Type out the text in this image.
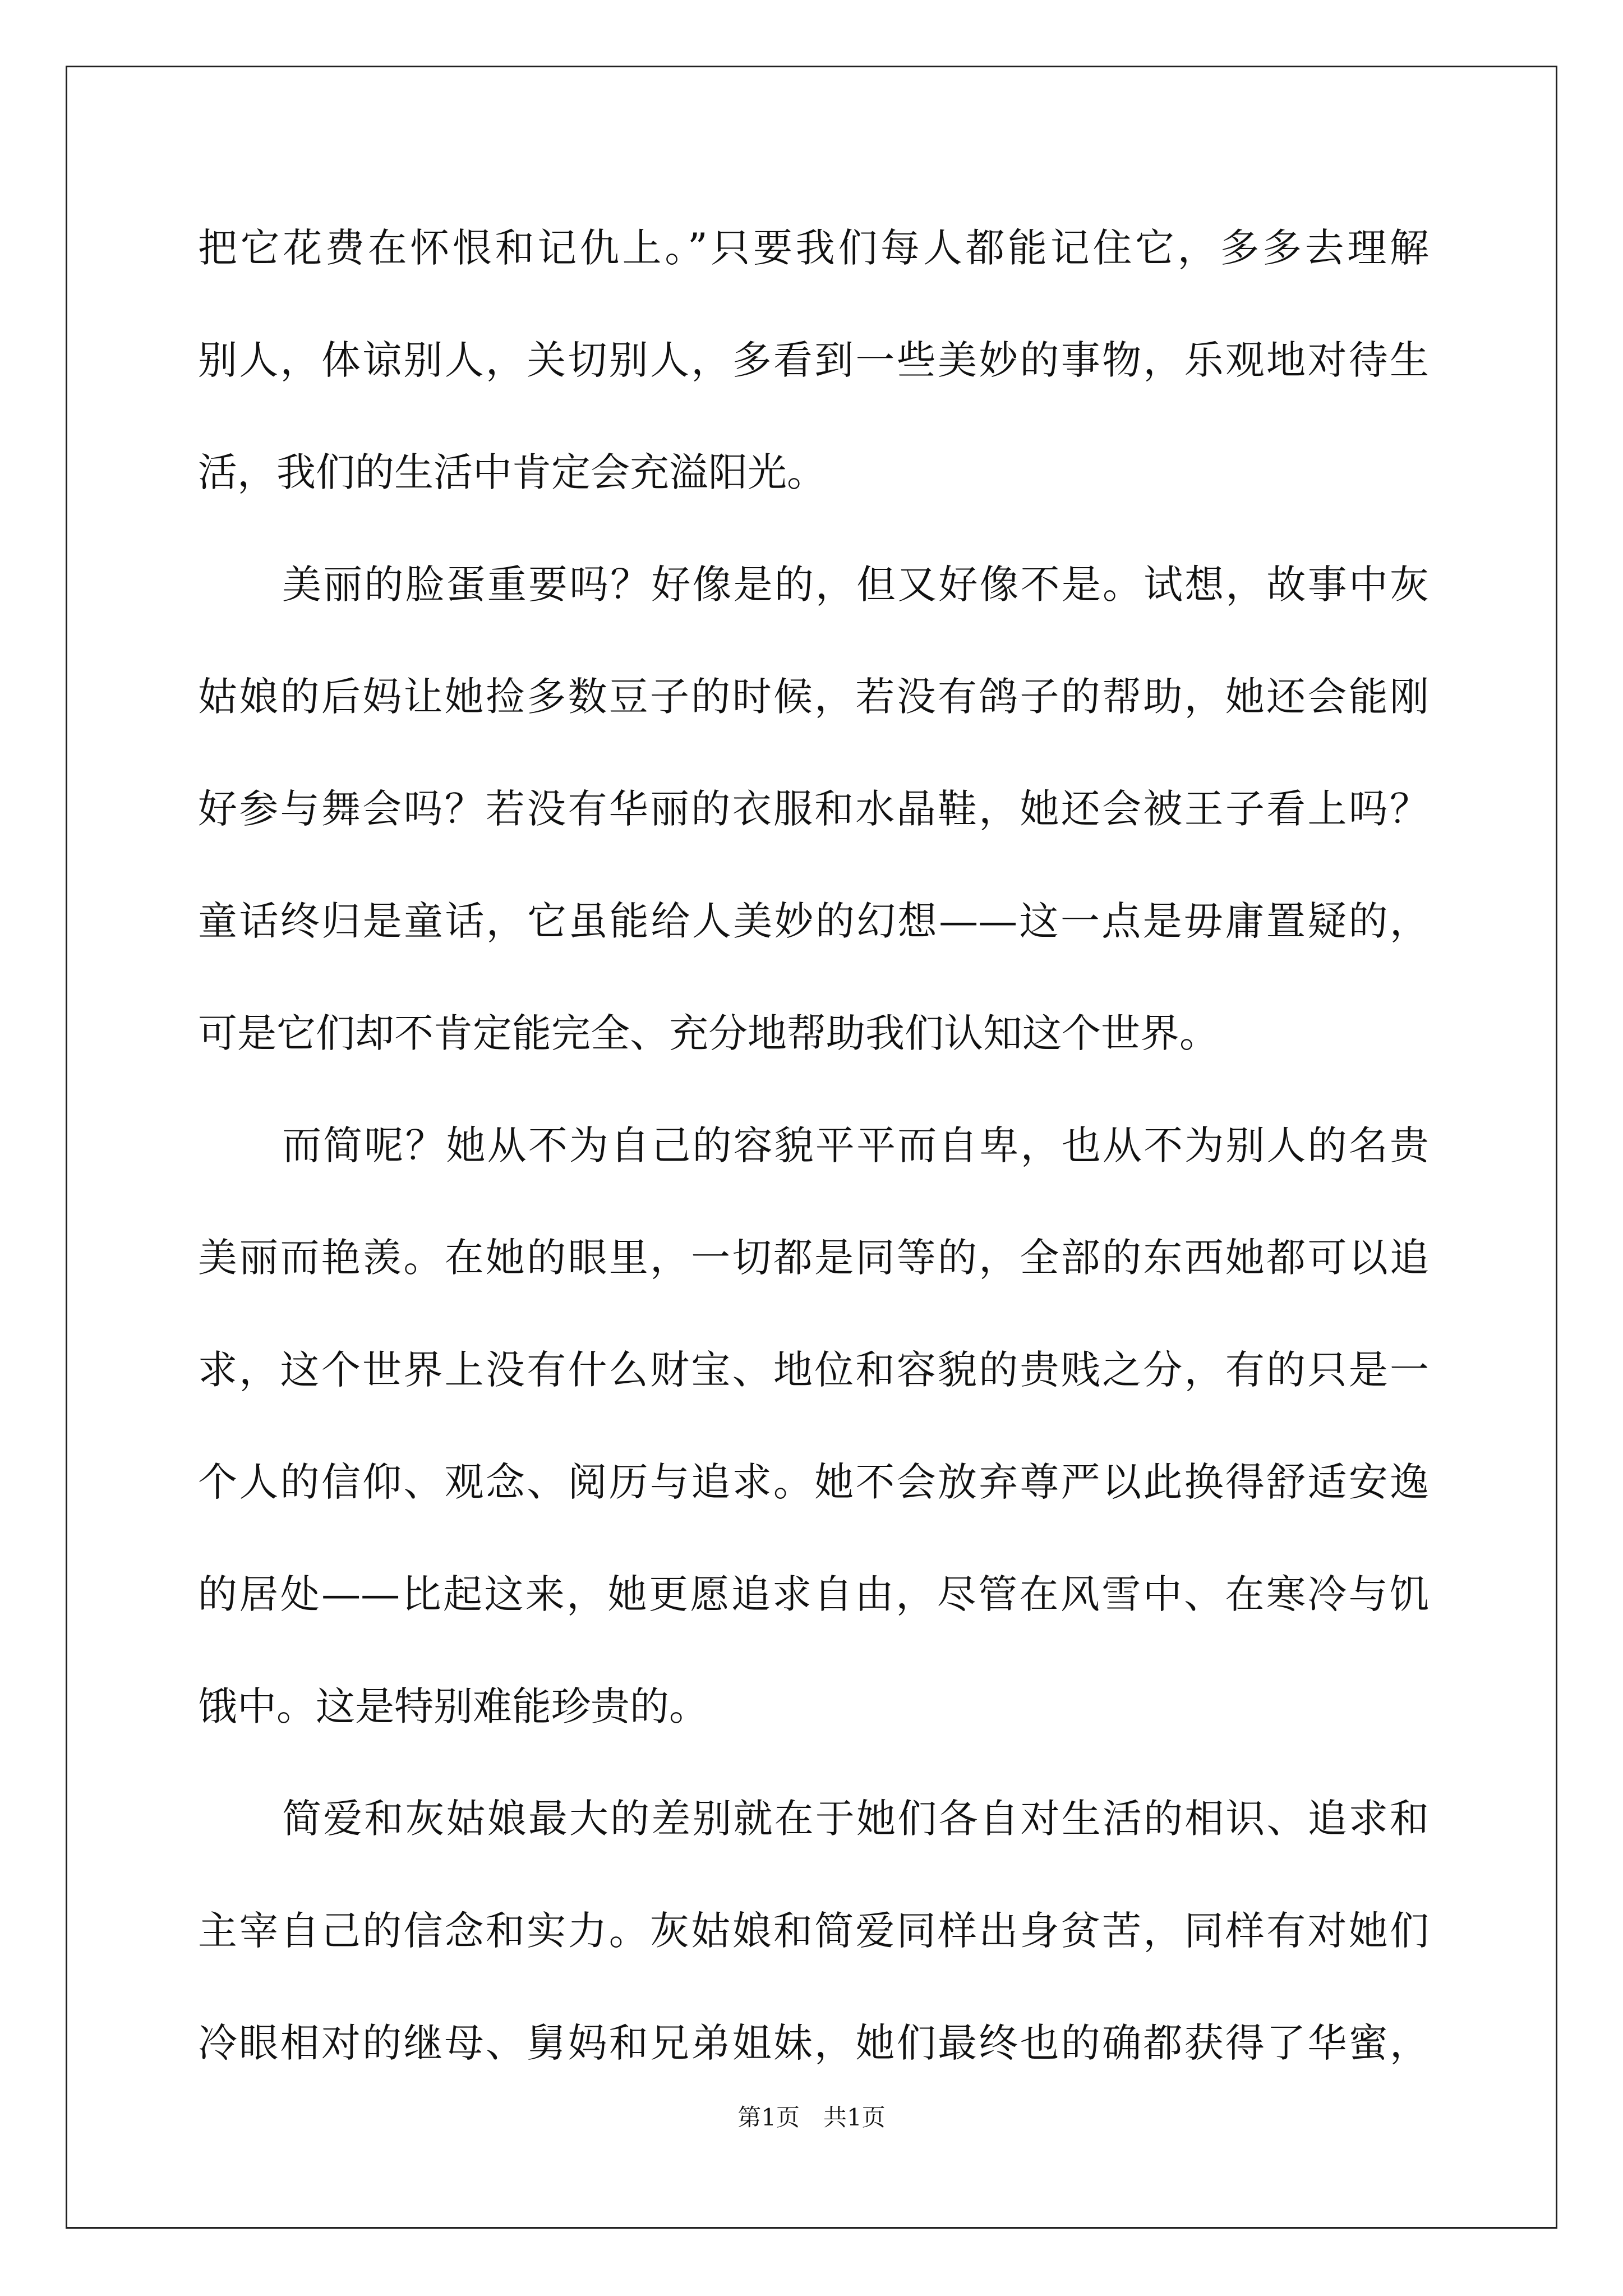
把它花费在怀恨和记仇上。”只要我们每人都能记住它，多多去理解
别人，体谅别人，关切别人，多看到一些美妙的事物，乐观地对待生
活，我们的生活中肯定会充溢阳光。
美丽的脸蛋重要吗？好像是的，但又好像不是。试想，故事中灰
姑娘的后妈让她捡多数豆子的时候，若没有鸽子的帮助，她还会能刚
好参与舞会吗？若没有华丽的衣服和水晶鞋，她还会被王子看上吗？
童话终归是童话，它虽能给人美妙的幻想——这一点是毋庸置疑的，
可是它们却不肯定能完全、充分地帮助我们认知这个世界。
而简呢？她从不为自己的容貌平平而自卑，也从不为别人的名贵
美丽而艳羡。在她的眼里，一切都是同等的，全部的东西她都可以追
求，这个世界上没有什么财宝、地位和容貌的贵贱之分，有的只是一
个人的信仰、观念、阅历与追求。她不会放弃尊严以此换得舒适安逸
的居处——比起这来，她更愿追求自由，尽管在风雪中、在寒冷与饥
饿中。这是特别难能珍贵的。
简爱和灰姑娘最大的差别就在于她们各自对生活的相识、追求和
主宰自己的信念和实力。灰姑娘和简爱同样出身贫苦，同样有对她们
冷眼相对的继母、舅妈和兄弟姐妹，她们最终也的确都获得了华蜜，
第1页　共1页
